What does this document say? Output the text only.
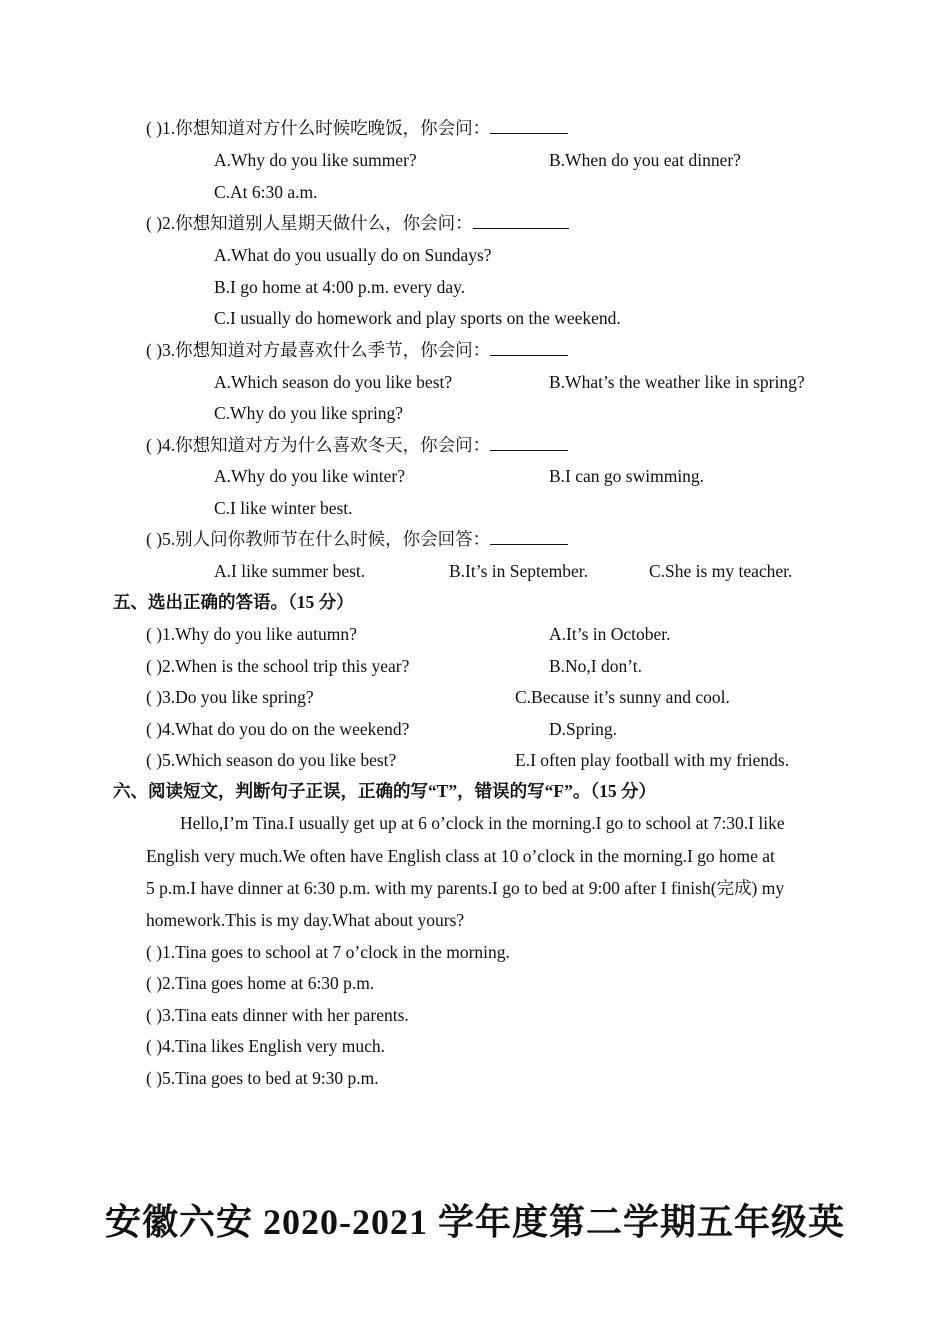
( )1.你想知道对方什么时候吃晚饭，你会问：
A.Why do you like summer?	B.When do you eat dinner?
C.At 6:30 a.m.
( )2.你想知道别人星期天做什么，你会问：
A.What do you usually do on Sundays?
B.I go home at 4:00 p.m. every day.
C.I usually do homework and play sports on the weekend.
( )3.你想知道对方最喜欢什么季节，你会问：
A.Which season do you like best?	B.What’s the weather like in spring?
C.Why do you like spring?
( )4.你想知道对方为什么喜欢冬天，你会问：
A.Why do you like winter?	B.I can go swimming.
C.I like winter best.
( )5.别人问你教师节在什么时候，你会回答：
A.I like summer best.	B.It’s in September.	C.She is my teacher.
五、选出正确的答语。（15 分）
( )1.Why do you like autumn?	A.It’s in October.
( )2.When is the school trip this year?	B.No,I don’t.
( )3.Do you like spring?	C.Because it’s sunny and cool.
( )4.What do you do on the weekend?	D.Spring.
( )5.Which season do you like best?	E.I often play football with my friends.
六、阅读短文，判断句子正误，正确的写“T”，错误的写“F”。（15 分）
Hello,I’m Tina.I usually get up at 6 o’clock in the morning.I go to school at 7:30.I like
English very much.We often have English class at 10 o’clock in the morning.I go home at
5 p.m.I have dinner at 6:30 p.m. with my parents.I go to bed at 9:00 after I finish(完成) my
homework.This is my day.What about yours?
( )1.Tina goes to school at 7 o’clock in the morning.
( )2.Tina goes home at 6:30 p.m.
( )3.Tina eats dinner with her parents.
( )4.Tina likes English very much.
( )5.Tina goes to bed at 9:30 p.m.
安徽六安 2020-2021 学年度第二学期五年级英
